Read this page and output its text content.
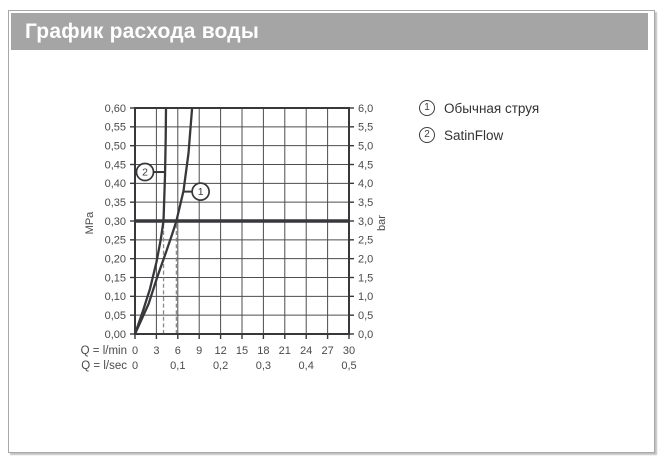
График расхода воды
0,60	6,0
0,55	5,5
0,50	5,0
0,45	4,5
0,40	4,0
0,35	3,5
0,30	3,0
0,25	2,5
0,20	2,0
0,15	1,5
0,10	1,0
0,05	0,5
0,00	0,0
0 3 6 9 12 15 18 21 24 27 30
0	0,1	0,2	0,3	0,4	0,5
Q = l/min
Q = l/sec
MPa	bar
1
2
1	Обычная струя
2	SatinFlow
